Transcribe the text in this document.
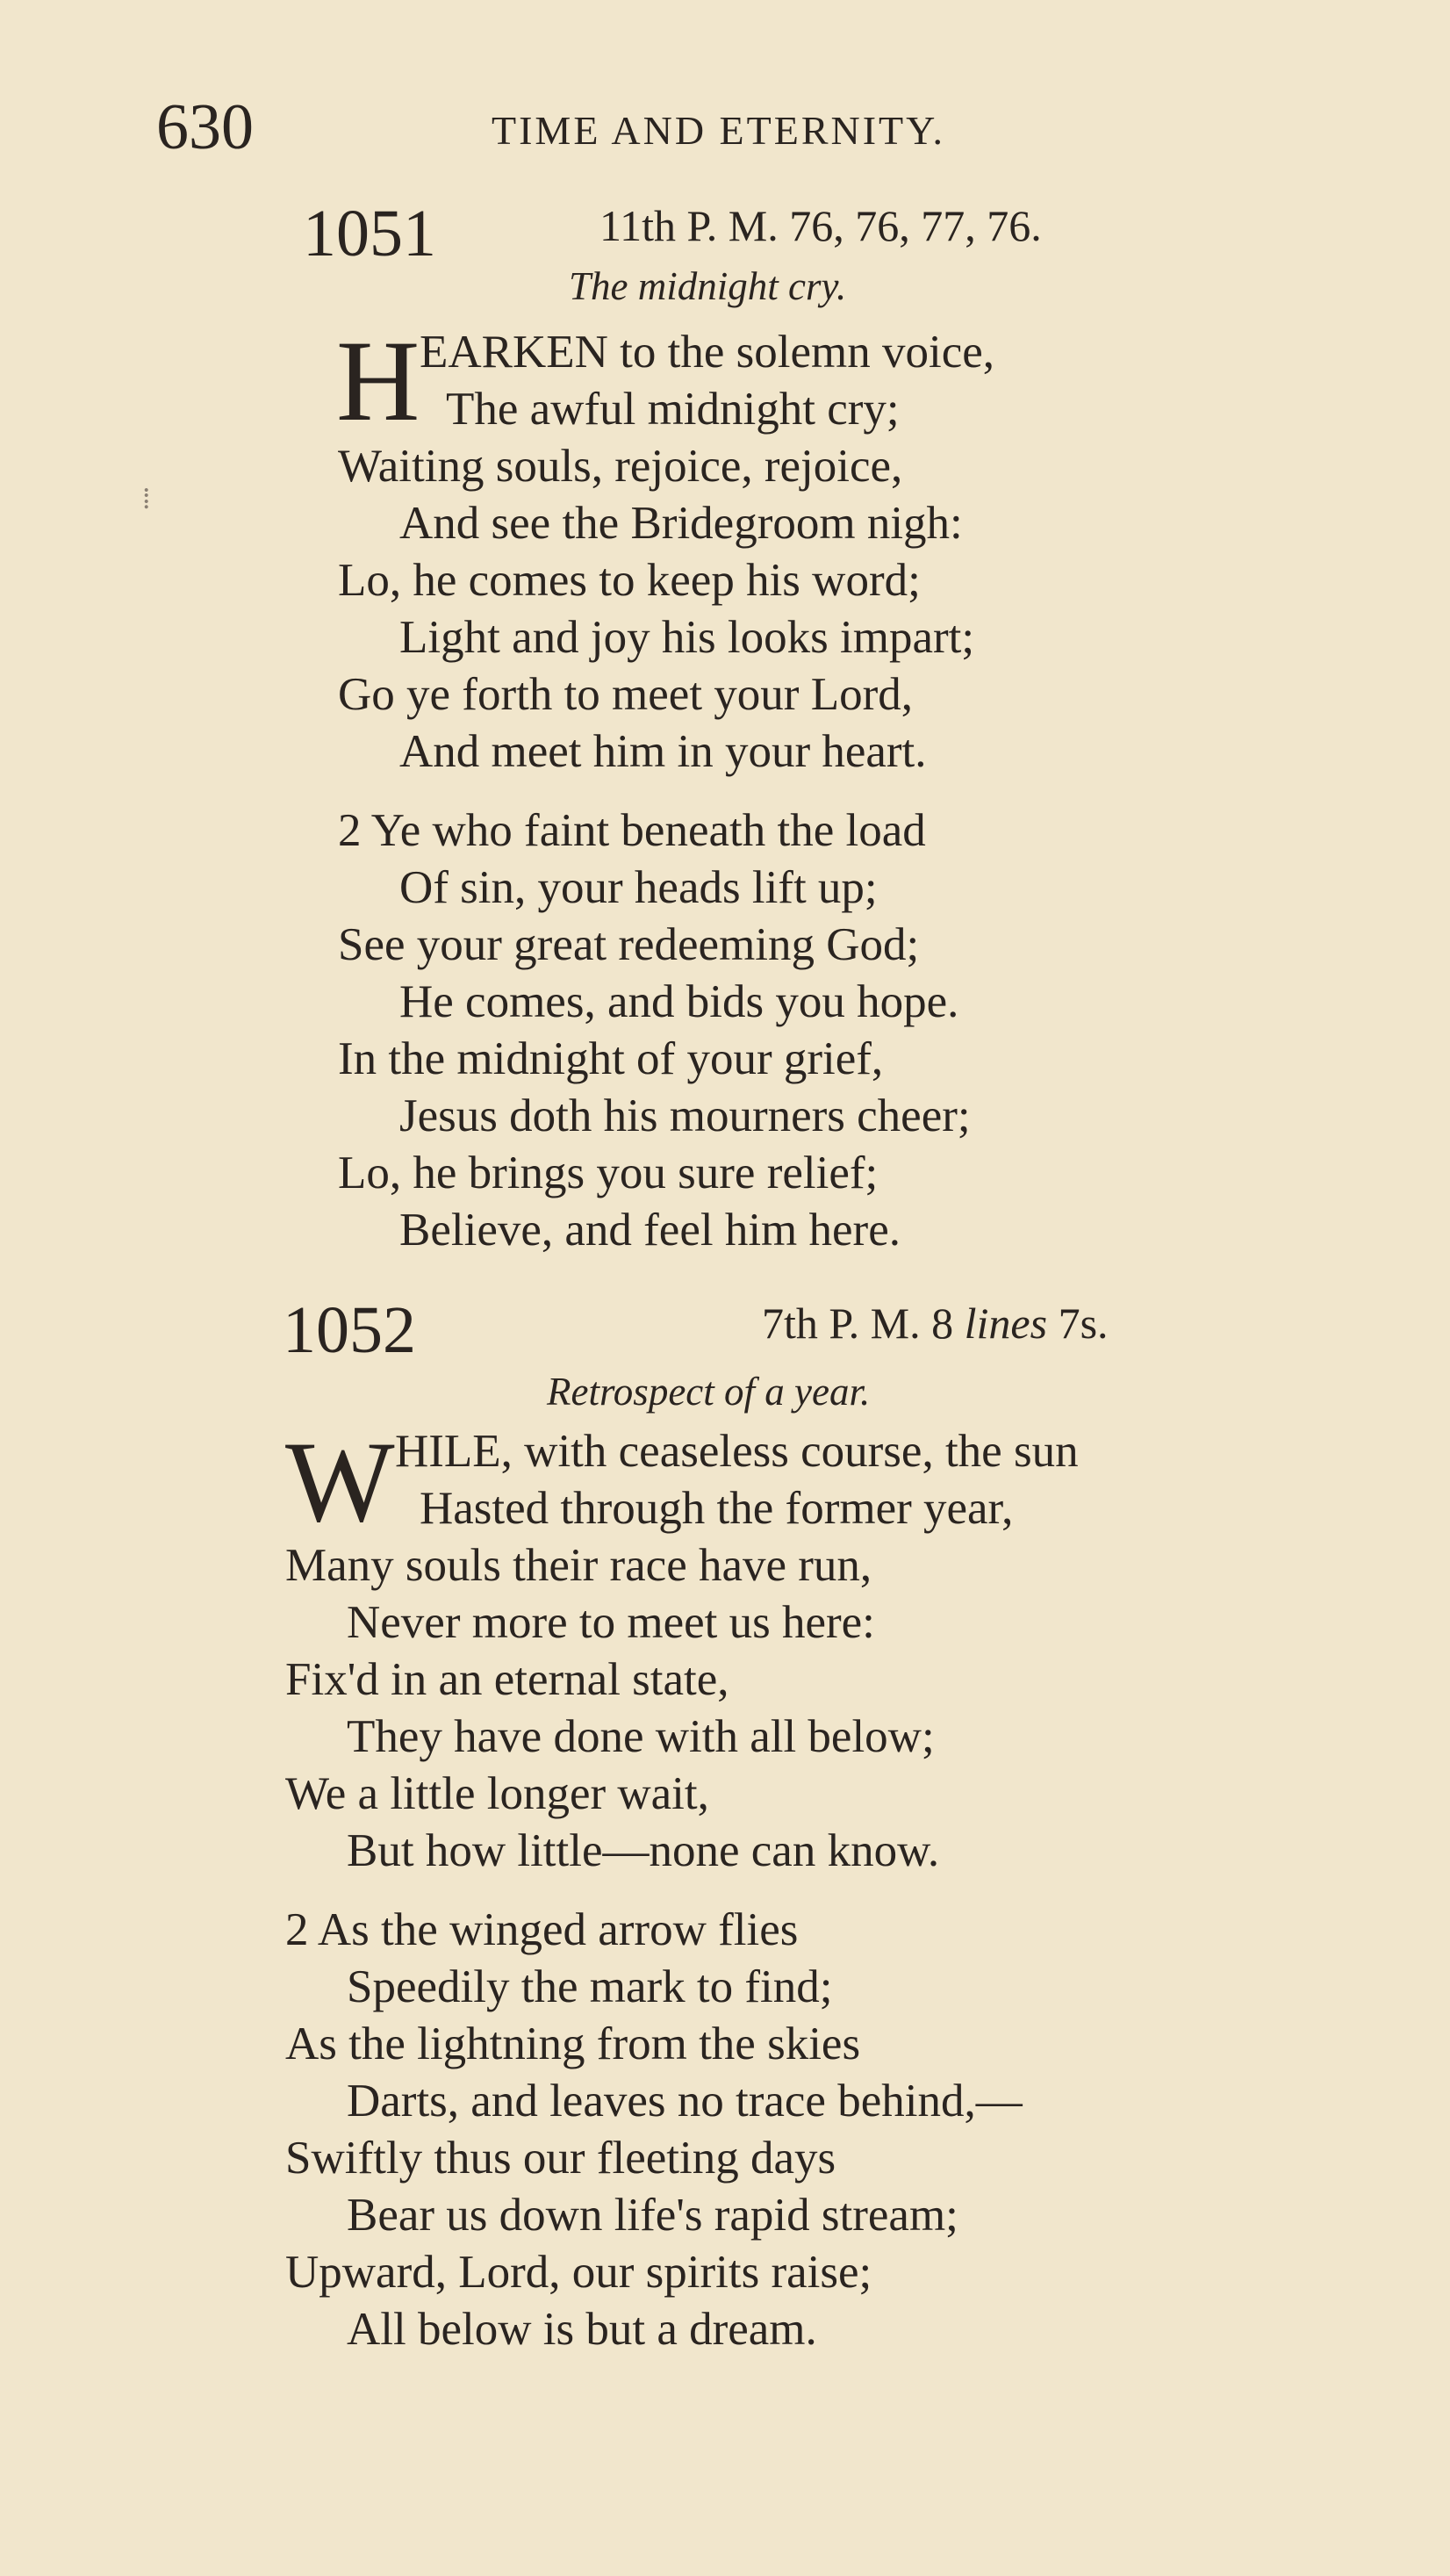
630	TIME AND ETERNITY.
⁞
1051	11th P. M. 76, 76, 77, 76.
The midnight cry.
H EARKEN to the solemn voice,
The awful midnight cry;
Waiting souls, rejoice, rejoice,
And see the Bridegroom nigh:
Lo, he comes to keep his word;
Light and joy his looks impart;
Go ye forth to meet your Lord,
And meet him in your heart.
2 Ye who faint beneath the load
Of sin, your heads lift up;
See your great redeeming God;
He comes, and bids you hope.
In the midnight of your grief,
Jesus doth his mourners cheer;
Lo, he brings you sure relief;
Believe, and feel him here.
1052	7th P. M. 8 lines 7s.
Retrospect of a year.
W HILE, with ceaseless course, the sun
Hasted through the former year,
Many souls their race have run,
Never more to meet us here:
Fix'd in an eternal state,
They have done with all below;
We a little longer wait,
But how little—none can know.
2 As the winged arrow flies
Speedily the mark to find;
As the lightning from the skies
Darts, and leaves no trace behind,—
Swiftly thus our fleeting days
Bear us down life's rapid stream;
Upward, Lord, our spirits raise;
All below is but a dream.
